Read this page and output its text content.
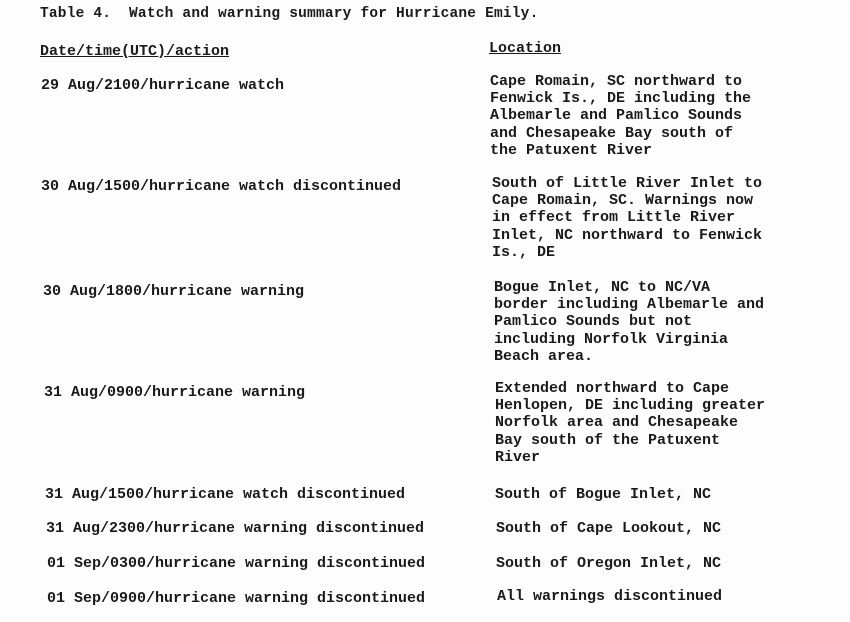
Table 4.  Watch and warning summary for Hurricane Emily.
Date/time(UTC)/action	Location
29 Aug/2100/hurricane watch	Cape Romain, SC northward to
Fenwick Is., DE including the
Albemarle and Pamlico Sounds
and Chesapeake Bay south of
the Patuxent River
30 Aug/1500/hurricane watch discontinued	South of Little River Inlet to
Cape Romain, SC. Warnings now
in effect from Little River
Inlet, NC northward to Fenwick
Is., DE
30 Aug/1800/hurricane warning	Bogue Inlet, NC to NC/VA
border including Albemarle and
Pamlico Sounds but not
including Norfolk Virginia
Beach area.
31 Aug/0900/hurricane warning	Extended northward to Cape
Henlopen, DE including greater
Norfolk area and Chesapeake
Bay south of the Patuxent
River
31 Aug/1500/hurricane watch discontinued	South of Bogue Inlet, NC
31 Aug/2300/hurricane warning discontinued	South of Cape Lookout, NC
01 Sep/0300/hurricane warning discontinued	South of Oregon Inlet, NC
01 Sep/0900/hurricane warning discontinued	All warnings discontinued
